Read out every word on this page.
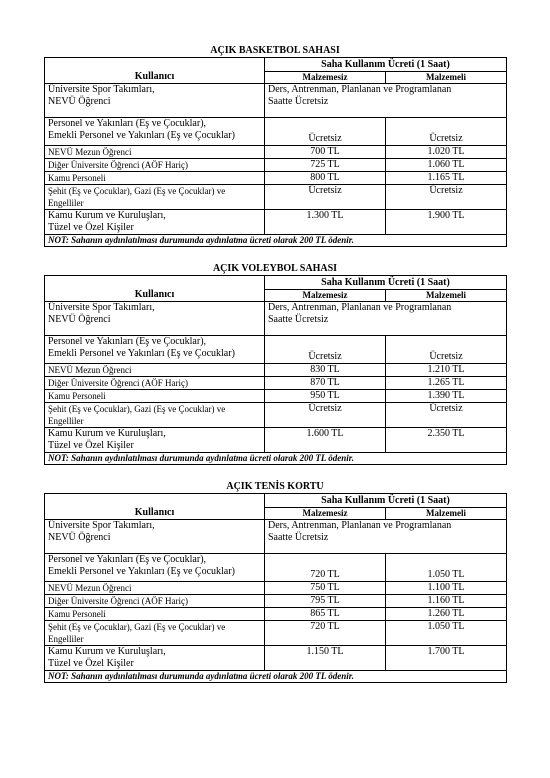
AÇIK BASKETBOL SAHASI
Kullanıcı	Saha Kullanım Ücreti (1 Saat)	
	Malzemesiz	Malzemeli
Üniversite Spor Takımları,
NEVÜ Öğrenci	Ders, Antrenman, Planlanan ve Programlanan
Saatte Ücretsiz	
Personel ve Yakınları (Eş ve Çocuklar),
Emekli Personel ve Yakınları (Eş ve Çocuklar)	Ücretsiz	Ücretsiz
NEVÜ Mezun Öğrenci	700 TL	1.020 TL
Diğer Üniversite Öğrenci (AÖF Hariç)	725 TL	1.060 TL
Kamu Personeli	800 TL	1.165 TL
Şehit (Eş ve Çocuklar), Gazi (Eş ve Çocuklar) ve
Engelliler	Ücretsiz	Ücretsiz
Kamu Kurum ve Kuruluşları,
Tüzel ve Özel Kişiler	1.300 TL	1.900 TL
NOT: Sahanın aydınlatılması durumunda aydınlatma ücreti olarak 200 TL ödenir.		
AÇIK VOLEYBOL SAHASI
Kullanıcı	Saha Kullanım Ücreti (1 Saat)	
	Malzemesiz	Malzemeli
Üniversite Spor Takımları,
NEVÜ Öğrenci	Ders, Antrenman, Planlanan ve Programlanan
Saatte Ücretsiz	
Personel ve Yakınları (Eş ve Çocuklar),
Emekli Personel ve Yakınları (Eş ve Çocuklar)	Ücretsiz	Ücretsiz
NEVÜ Mezun Öğrenci	830 TL	1.210 TL
Diğer Üniversite Öğrenci (AÖF Hariç)	870 TL	1.265 TL
Kamu Personeli	950 TL	1.390 TL
Şehit (Eş ve Çocuklar), Gazi (Eş ve Çocuklar) ve
Engelliler	Ücretsiz	Ücretsiz
Kamu Kurum ve Kuruluşları,
Tüzel ve Özel Kişiler	1.600 TL	2.350 TL
NOT: Sahanın aydınlatılması durumunda aydınlatma ücreti olarak 200 TL ödenir.		
AÇIK TENİS KORTU
Kullanıcı	Saha Kullanım Ücreti (1 Saat)	
	Malzemesiz	Malzemeli
Üniversite Spor Takımları,
NEVÜ Öğrenci	Ders, Antrenman, Planlanan ve Programlanan
Saatte Ücretsiz	
Personel ve Yakınları (Eş ve Çocuklar),
Emekli Personel ve Yakınları (Eş ve Çocuklar)	720 TL	1.050 TL
NEVÜ Mezun Öğrenci	750 TL	1.100 TL
Diğer Üniversite Öğrenci (AÖF Hariç)	795 TL	1.160 TL
Kamu Personeli	865 TL	1.260 TL
Şehit (Eş ve Çocuklar), Gazi (Eş ve Çocuklar) ve
Engelliler	720 TL	1.050 TL
Kamu Kurum ve Kuruluşları,
Tüzel ve Özel Kişiler	1.150 TL	1.700 TL
NOT: Sahanın aydınlatılması durumunda aydınlatma ücreti olarak 200 TL ödenir.		
